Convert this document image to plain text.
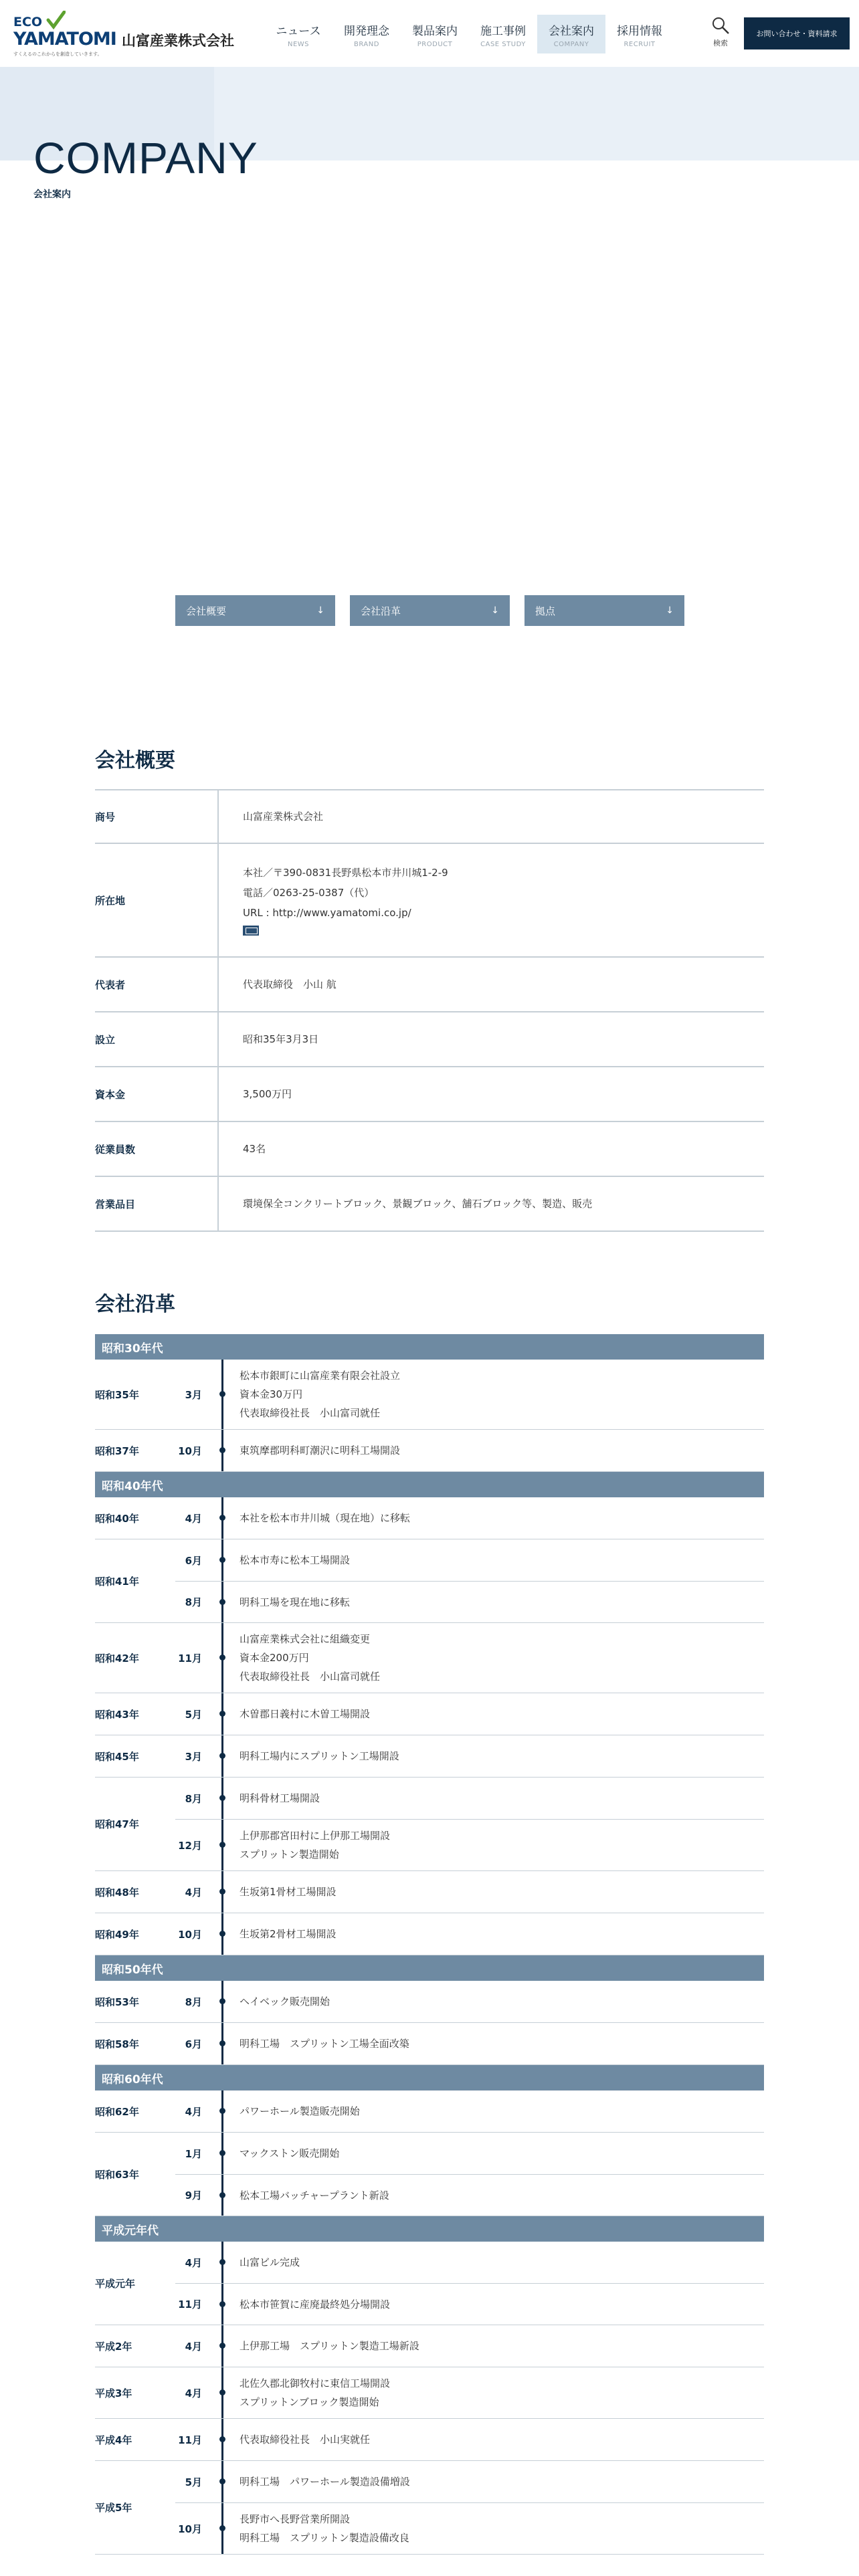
ECO
YAMATOMI
すくえるのこれからを創造していきます。
山富産業株式会社
ニュース
NEWS
開発理念
BRAND
製品案内
PRODUCT
施工事例
CASE STUDY
会社案内
COMPANY
採用情報
RECRUIT	検索
お問い合わせ・資料請求
COMPANY
会社案内
会社概要	↓	会社沿革	↓	拠点	↓
会社概要
商号	山富産業株式会社
所在地
本社／〒390-0831長野県松本市井川城1-2-9
電話／0263-25-0387（代）
URL : http://www.yamatomi.co.jp/
代表者	代表取締役　小山 航
設立	昭和35年3月3日
資本金	3,500万円
従業員数	43名
営業品目	環境保全コンクリートブロック、景観ブロック、舗石ブロック等、製造、販売
会社沿革
昭和30年代
昭和35年	3月
松本市銀町に山富産業有限会社設立
資本金30万円
代表取締役社長　小山富司就任
昭和37年	10月	東筑摩郡明科町潮沢に明科工場開設
昭和40年代
昭和40年	4月	本社を松本市井川城（現在地）に移転
昭和41年
6月	松本市寿に松本工場開設
8月	明科工場を現在地に移転
昭和42年	11月
山富産業株式会社に組織変更
資本金200万円
代表取締役社長　小山富司就任
昭和43年	5月	木曽郡日義村に木曽工場開設
昭和45年	3月	明科工場内にスプリットン工場開設
昭和47年
8月	明科骨材工場開設
12月
上伊那郡宮田村に上伊那工場開設
スプリットン製造開始
昭和48年	4月	生坂第1骨材工場開設
昭和49年	10月	生坂第2骨材工場開設
昭和50年代
昭和53年	8月	ヘイベック販売開始
昭和58年	6月	明科工場　スプリットン工場全面改築
昭和60年代
昭和62年	4月	パワーホール製造販売開始
昭和63年
1月	マックストン販売開始
9月	松本工場バッチャープラント新設
平成元年代
平成元年
4月	山富ビル完成
11月	松本市笹賀に産廃最終処分場開設
平成2年	4月	上伊那工場　スプリットン製造工場新設
平成3年	4月
北佐久郡北御牧村に東信工場開設
スプリットンブロック製造開始
平成4年	11月	代表取締役社長　小山実就任
平成5年
5月	明科工場　パワーホール製造設備増設
10月
長野市へ長野営業所開設
明科工場　スプリットン製造設備改良
